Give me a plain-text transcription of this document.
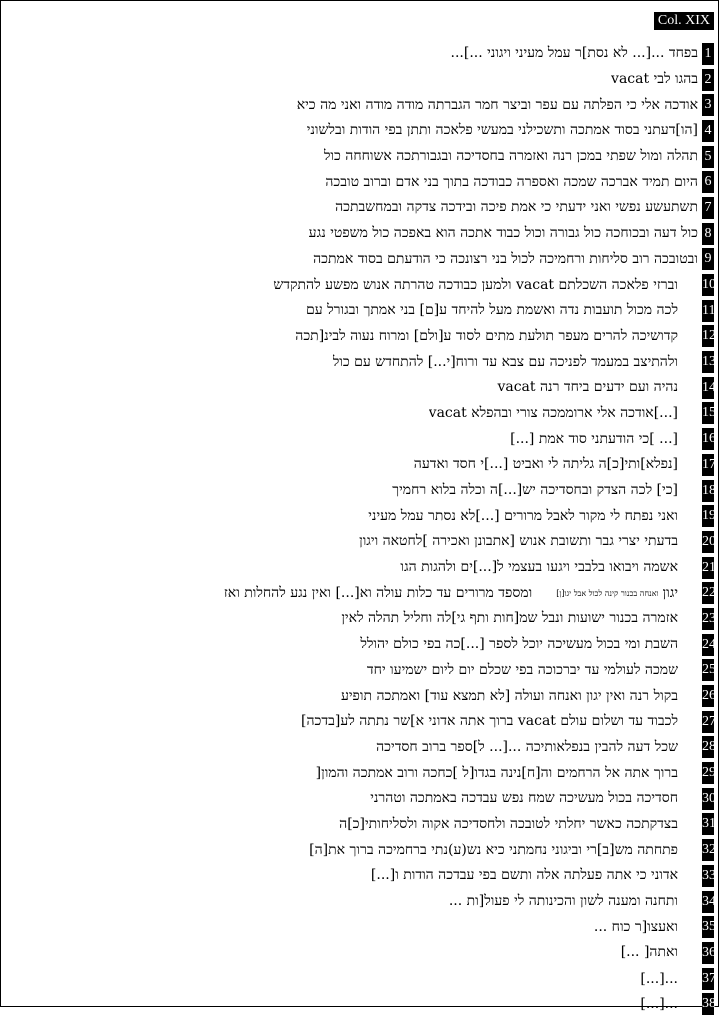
Col. XIX
1
בפחד ...[... לא נסת]ר עמל מעיני ויגוני ...]...
2
בהגו לבי vacat
3
אודכה אלי כי הפלתה עם עפר וביצר חמר הגברתה מודה מודה ואני מה כיא
4
[הו]דעתני בסוד אמתכה ותשכילני במעשי פלאכה ותתן בפי הודות ובלשוני
5
תהלה ומול שפתי במכן רנה ואזמרה בחסדיכה ובגבורתכה אשוחחה כול
6
היום תמיד אברכה שמכה ואספרה כבודכה בתוך בני אדם וברוב טובכה
7
תשתעשע נפשי ואני ידעתי כי אמת פיכה ובידכה צדקה ובמחשבתכה
8
כול דעה ובכוחכה כול גבורה וכול כבוד אתכה הוא באפכה כול משפטי נגע
9
ובטובכה רוב סליחות ורחמיכה לכול בני רצונכה כי הודעתם בסוד אמתכה
10
וברזי פלאכה השכלתם vacat ולמען כבודכה טהרתה אנוש מפשע להתקדש
11
לכה מכול תועבות נדה ואשמת מעל להיחד ע[ם] בני אמתך ובגורל עם
12
קדושיכה להרים מעפר תולעת מתים לסוד ע[ולם] ומרוח נעוה לבינ[תכה
13
ולהתיצב במעמד לפניכה עם צבא עד ורוח[י...] להתחדש עם כול
14
נהיה ועם ידעים ביחד רנה vacat
15
vacat אודכה אלי ארוממכה צורי ובהפלא[...]
16
[... ]כי הודעתני סוד אמת [...]
17
[נפלא]ותי[כ]ה גליתה לי ואביט [...]י חסד ואדעה
18
[כי] לכה הצדק ובחסדיכה יש[...]ה וכלה בלוא רחמיך
19
ואני נפתח לי מקור לאבל מרורים [...]לא נסתר עמל מעיני
20
בדעתי יצרי גבר ותשובת אנוש [אתבונן ואכירה ]לחטאה ויגון
21
אשמה ויבואו בלבבי ויגעו בעצמי ל[...]ים ולהגות הגו
22
יגון
ואנחה בכנור קינה לכול אבל יגו[ן]
ומספד מרורים עד כלות עולה וא[...] ואין נגע להחלות ואז
23
אזמרה בכנור ישועות ונבל שמ[חות ותף גי]לה וחליל תהלה לאין
24
השבת ומי בכול מעשיכה יוכל לספר [...]כה בפי כולם יהולל
25
שמכה לעולמי עד יברכוכה בפי שכלם יום ליום ישמיעו יחד
26
בקול רנה ואין יגון ואנחה ועולה [לא תמצא עוד] ואמתכה תופיע
27
לכבוד עד ושלום עולם vacat ברוך אתה אדוני א]שר נתתה לע[בדכה]
28
שכל דעה להבין בנפלאותיכה ...[... ל]ספר ברוב חסדיכה
29
ברוך אתה אל הרחמים וה[ח]נינה בגדו[ל ]כחכה ורוב אמתכה והמון[
30
חסדיכה בכול מעשיכה שמח נפש עבדכה באמתכה וטהרני
31
בצדקתכה כאשר יחלתי לטובכה ולחסדיכה אקוה ולסליחותי[כ]ה
32
פתחתה מש[ב]רי וביגוני נחמתני כיא נש(ע)נתי ברחמיכה ברוך את[ה]
33
אדוני כי אתה פעלתה אלה ותשם בפי עבדכה הודות ו[...]
34
ותחנה ומענה לשון והכינותה לי פעול[ות ...
35
ואעצו[ר כוח ...
36
ואתה[ ...]
37
[...]...
38
[...]...
